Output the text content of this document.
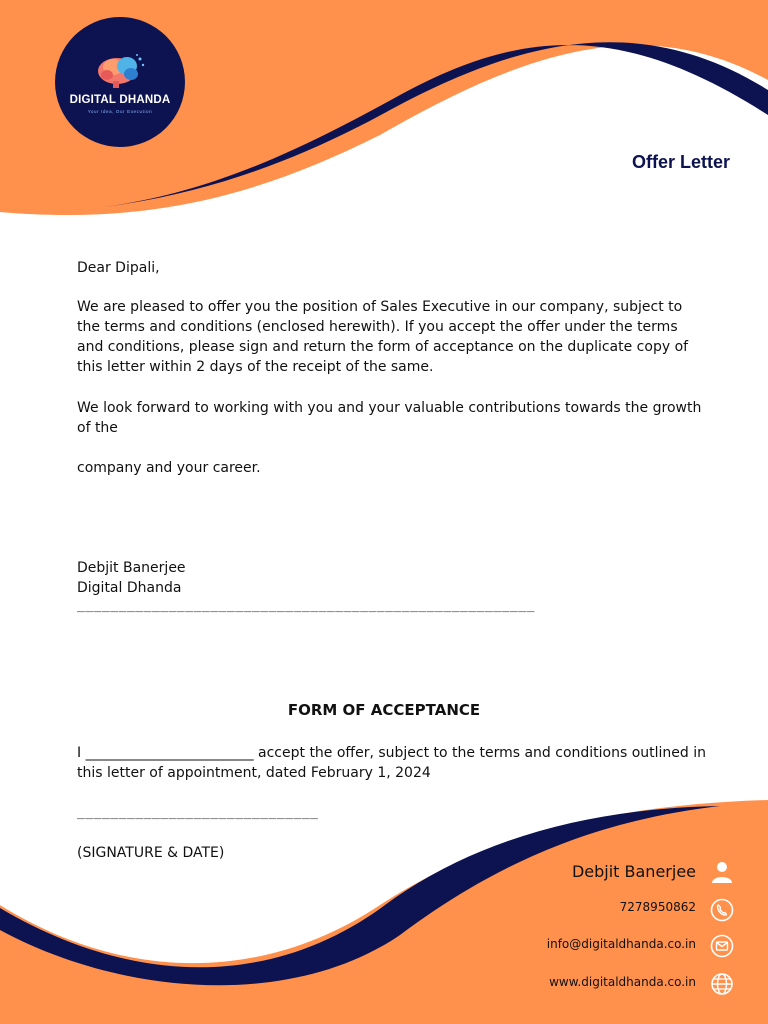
DIGITAL DHANDA
Your Idea, Our Execution
Offer Letter
Dear Dipali,
We are pleased to offer you the position of Sales Executive in our company, subject to the terms and conditions (enclosed herewith). If you accept the offer under the terms and conditions, please sign and return the form of acceptance on the duplicate copy of this letter within 2 days of the receipt of the same.
We look forward to working with you and your valuable contributions towards the growth of the
company and your career.
Debjit Banerjee
Digital Dhanda
_______________________________________________________
FORM OF ACCEPTANCE
I ________________________ accept the offer, subject to the terms and conditions outlined in this letter of appointment, dated February 1, 2024
_____________________________
(SIGNATURE & DATE)
Debjit Banerjee
7278950862
info@digitaldhanda.co.in
www.digitaldhanda.co.in
